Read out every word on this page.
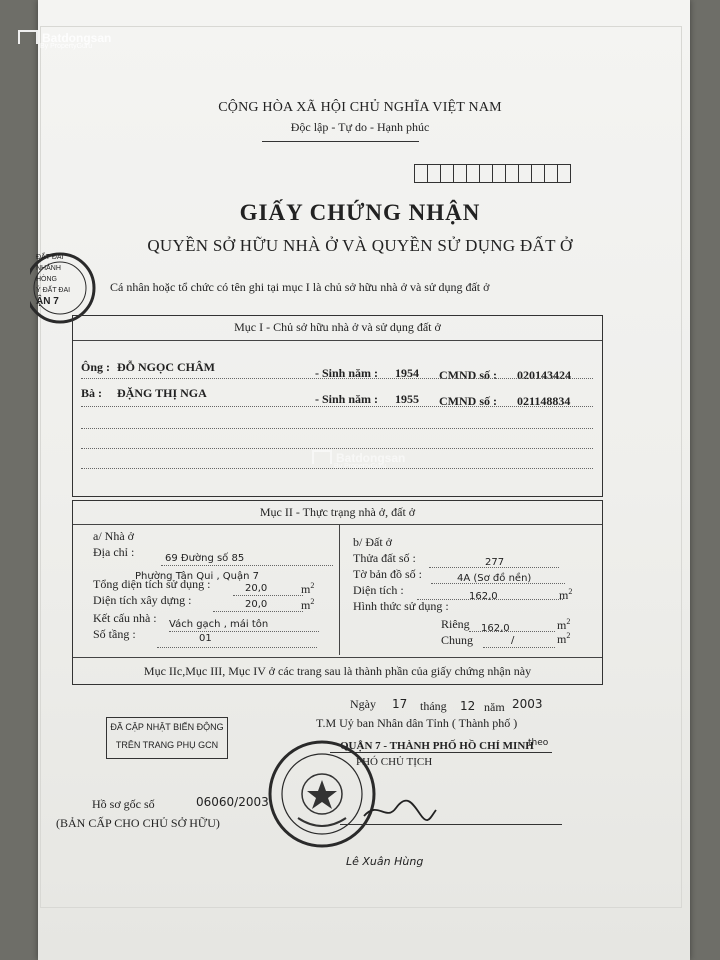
Batdongsan
By PropertyGuru
Batdongsan
By PropertyGuru
CỘNG HÒA XÃ HỘI CHỦ NGHĨA VIỆT NAM
Độc lập - Tự do - Hạnh phúc
GIẤY CHỨNG NHẬN
QUYỀN SỞ HỮU NHÀ Ở VÀ QUYỀN SỬ DỤNG ĐẤT Ở
Cá nhân hoặc tổ chức có tên ghi tại mục I là chủ sở hữu nhà ở và sử dụng đất ở
ĐẤT ĐAI
NHÁNH
HÒNG
Ý ĐẤT ĐAI
ẬN 7
Mục I - Chủ sở hữu nhà ở và sử dụng đất ở
Ông : ĐỖ NGỌC CHÂM	- Sinh năm : 1954 CMND số : 020143424
Bà : ĐẶNG THỊ NGA	- Sinh năm : 1955 CMND số : 021148834
Mục II - Thực trạng nhà ở, đất ở
a/ Nhà ở
Địa chỉ :	69 Đường số 85
Phường Tân Qui , Quận 7
Tổng diện tích sử dụng :	20,0	$m^2$
Diện tích xây dựng :	20,0	$m^2$
Kết cấu nhà : Vách gạch , mái tôn
Số tầng :	01
b/ Đất ở
Thửa đất số :	277
Tờ bản đồ số :	4A (Sơ đồ nền)
Diện tích :	162,0	$m^2$
Hình thức sử dụng :
Riêng 162,0	$m^2$
Chung	/	$m^2$
Mục IIc,Mục III, Mục IV ở các trang sau là thành phần của giấy chứng nhận này
Ngày 17 tháng 12 năm 2003
T.M Uỷ ban Nhân dân Tỉnh ( Thành phố )
QUẬN 7 - THÀNH PHỐ HỒ CHÍ MINH
theo
PHÓ CHỦ TỊCH
ĐÃ CẬP NHẬT BIẾN ĐỘNG
TRÊN TRANG PHỤ GCN
Lê Xuân Hùng
Hồ sơ gốc số	06060/2003
(BẢN CẤP CHO CHỦ SỞ HỮU)
